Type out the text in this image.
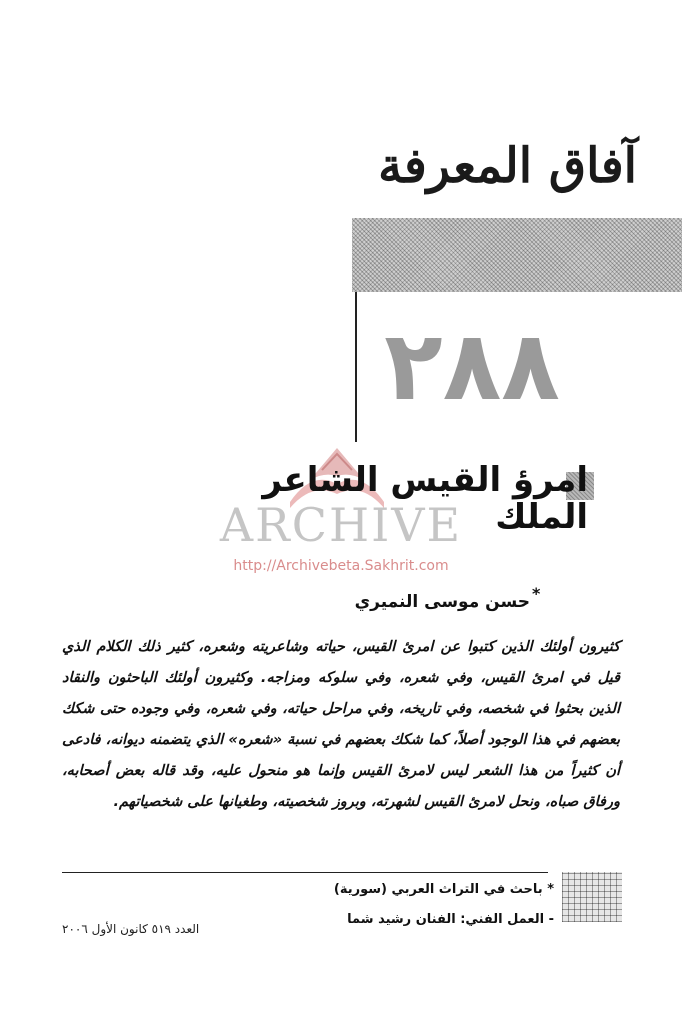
آفاق المعرفة
٢٨٨
امرؤ القيس الشاعر الملك
ARCHIVE
http://Archivebeta.Sakhrit.com
حسن موسى النميري *
كثيرون أولئك الذين كتبوا عن امرئ القيس، حياته وشاعريته وشعره، كثير ذلك الكلام الذي قيل في امرئ القيس، وفي شعره، وفي سلوكه ومزاجه. وكثيرون أولئك الباحثون والنقاد الذين بحثوا في شخصه، وفي تاريخه، وفي مراحل حياته، وفي شعره، وفي وجوده حتى شكك بعضهم في هذا الوجود أصلاً، كما شكك بعضهم في نسبة «شعره» الذي يتضمنه ديوانه، فادعى أن كثيراً من هذا الشعر ليس لامرئ القيس وإنما هو منحول عليه، وقد قاله بعض أصحابه، ورفاق صباه، ونحل لامرئ القيس لشهرته، وبروز شخصيته، وطغيانها على شخصياتهم.
* باحث في التراث العربي (سورية)
- العمل الفني: الفنان رشيد شما
العدد ٥١٩ كانون الأول ٢٠٠٦
